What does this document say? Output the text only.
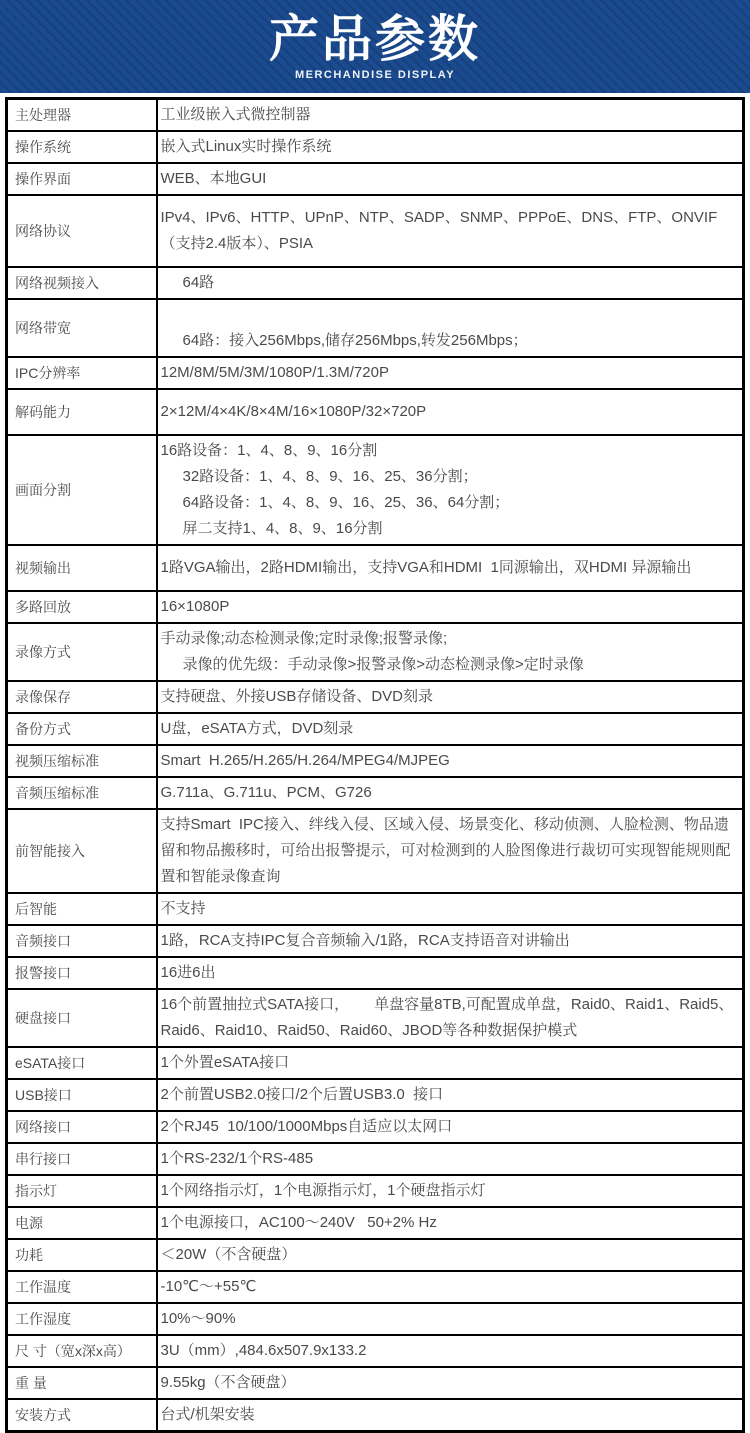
产品参数
MERCHANDISE DISPLAY
主处理器	工业级嵌入式微控制器

操作系统	嵌入式Linux实时操作系统

操作界面	WEB、本地GUI

网络协议	IPv4、IPv6、HTTP、UPnP、NTP、SADP、SNMP、PPPoE、DNS、FTP、ONVIF（支持2.4版本）、PSIA

网络视频接入	64路

网络带宽	64路：接入256Mbps,储存256Mbps,转发256Mbps；

IPC分辨率	12M/8M/5M/3M/1080P/1.3M/720P

解码能力	2×12M/4×4K/8×4M/16×1080P/32×720P

画面分割	16路设备：1、4、8、9、16分割
32路设备：1、4、8、9、16、25、36分割；
64路设备：1、4、8、9、16、25、36、64分割；
屏二支持1、4、8、9、16分割

视频输出	1路VGA输出，2路HDMI输出，支持VGA和HDMI  1同源输出，双HDMI 异源输出

多路回放	16×1080P

录像方式	手动录像;动态检测录像;定时录像;报警录像;
录像的优先级：手动录像>报警录像>动态检测录像>定时录像

录像保存	支持硬盘、外接USB存储设备、DVD刻录

备份方式	U盘，eSATA方式，DVD刻录

视频压缩标准	Smart  H.265/H.265/H.264/MPEG4/MJPEG

音频压缩标准	G.711a、G.711u、PCM、G726

前智能接入	支持Smart  IPC接入、绊线入侵、区域入侵、场景变化、移动侦测、人脸检测、物品遗留和物品搬移时，可给出报警提示，可对检测到的人脸图像进行裁切可实现智能规则配置和智能录像查询

后智能	不支持

音频接口	1路，RCA支持IPC复合音频输入/1路，RCA支持语音对讲输出

报警接口	16进6出

硬盘接口	16个前置抽拉式SATA接口，      单盘容量8TB,可配置成单盘，Raid0、Raid1、Raid5、 Raid6、Raid10、Raid50、Raid60、JBOD等各种数据保护模式

eSATA接口	1个外置eSATA接口

USB接口	2个前置USB2.0接口/2个后置USB3.0  接口

网络接口	2个RJ45  10/100/1000Mbps自适应以太网口

串行接口	1个RS-232/1个RS-485

指示灯	1个网络指示灯，1个电源指示灯，1个硬盘指示灯

电源	1个电源接口，AC100～240V   50+2% Hz

功耗	＜20W（不含硬盘）

工作温度	-10℃～+55℃

工作湿度	10%～90%

尺 寸（宽x深x高）	3U（mm）,484.6x507.9x133.2

重 量	9.55kg（不含硬盘）

安装方式	台式/机架安装
